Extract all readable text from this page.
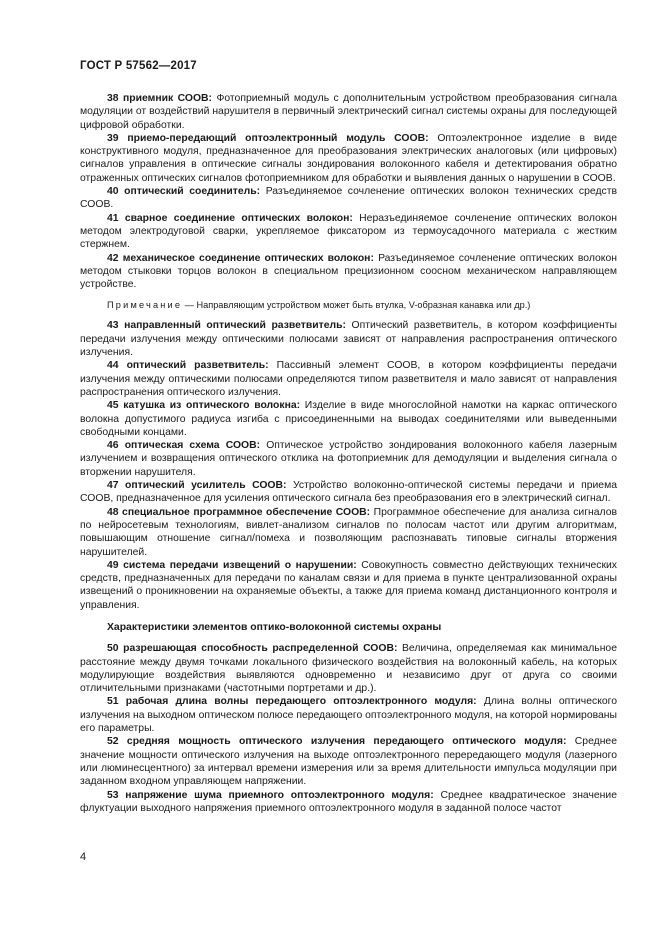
ГОСТ Р 57562—2017

38 приемник СООВ: Фотоприемный модуль с дополнительным устройством преобразования сигнала модуляции от воздействий нарушителя в первичный электрический сигнал системы охраны для последующей цифровой обработки.

39 приемо-передающий оптоэлектронный модуль СООВ: Оптоэлектронное изделие в виде конструктивного модуля, предназначенное для преобразования электрических аналоговых (или цифровых) сигналов управления в оптические сигналы зондирования волоконного кабеля и детектирования обратно отраженных оптических сигналов фотоприемником для обработки и выявления данных о нарушении в СООВ.

40 оптический соединитель: Разъединяемое сочленение оптических волокон технических средств СООВ.

41 сварное соединение оптических волокон: Неразъединяемое сочленение оптических волокон методом электродуговой сварки, укрепляемое фиксатором из термоусадочного материала с жестким стержнем.

42 механическое соединение оптических волокон: Разъединяемое сочленение оптических волокон методом стыковки торцов волокон в специальном прецизионном соосном механическом направляющем устройстве.

Примечание — Направляющим устройством может быть втулка, V-образная канавка или др.)

43 направленный оптический разветвитель: Оптический разветвитель, в котором коэффициенты передачи излучения между оптическими полюсами зависят от направления распространения оптического излучения.

44 оптический разветвитель: Пассивный элемент СООВ, в котором коэффициенты передачи излучения между оптическими полюсами определяются типом разветвителя и мало зависят от направления распространения оптического излучения.

45 катушка из оптического волокна: Изделие в виде многослойной намотки на каркас оптического волокна допустимого радиуса изгиба с присоединенными на выводах соединителями или выведенными свободными концами.

46 оптическая схема СООВ: Оптическое устройство зондирования волоконного кабеля лазерным излучением и возвращения оптического отклика на фотоприемник для демодуляции и выделения сигнала о вторжении нарушителя.

47 оптический усилитель СООВ: Устройство волоконно-оптической системы передачи и приема СООВ, предназначенное для усиления оптического сигнала без преобразования его в электрический сигнал.

48 специальное программное обеспечение СООВ: Программное обеспечение для анализа сигналов по нейросетевым технологиям, вивлет-анализом сигналов по полосам частот или другим алгоритмам, повышающим отношение сигнал/помеха и позволяющим распознавать типовые сигналы вторжения нарушителей.

49 система передачи извещений о нарушении: Совокупность совместно действующих технических средств, предназначенных для передачи по каналам связи и для приема в пункте централизованной охраны извещений о проникновении на охраняемые объекты, а также для приема команд дистанционного контроля и управления.

Характеристики элементов оптико-волоконной системы охраны

50 разрешающая способность распределенной СООВ: Величина, определяемая как минимальное расстояние между двумя точками локального физического воздействия на волоконный кабель, на которых модулирующие воздействия выявляются одновременно и независимо друг от друга со своими отличительными признаками (частотными портретами и др.).

51 рабочая длина волны передающего оптоэлектронного модуля: Длина волны оптического излучения на выходном оптическом полюсе передающего оптоэлектронного модуля, на которой нормированы его параметры.

52 средняя мощность оптического излучения передающего оптического модуля: Среднее значение мощности оптического излучения на выходе оптоэлектронного перередающего модуля (лазерного или люминесцентного) за интервал времени измерения или за время длительности импульса модуляции при заданном входном управляющем напряжении.

53 напряжение шума приемного оптоэлектронного модуля: Среднее квадратическое значение флуктуации выходного напряжения приемного оптоэлектронного модуля в заданной полосе частот

4
